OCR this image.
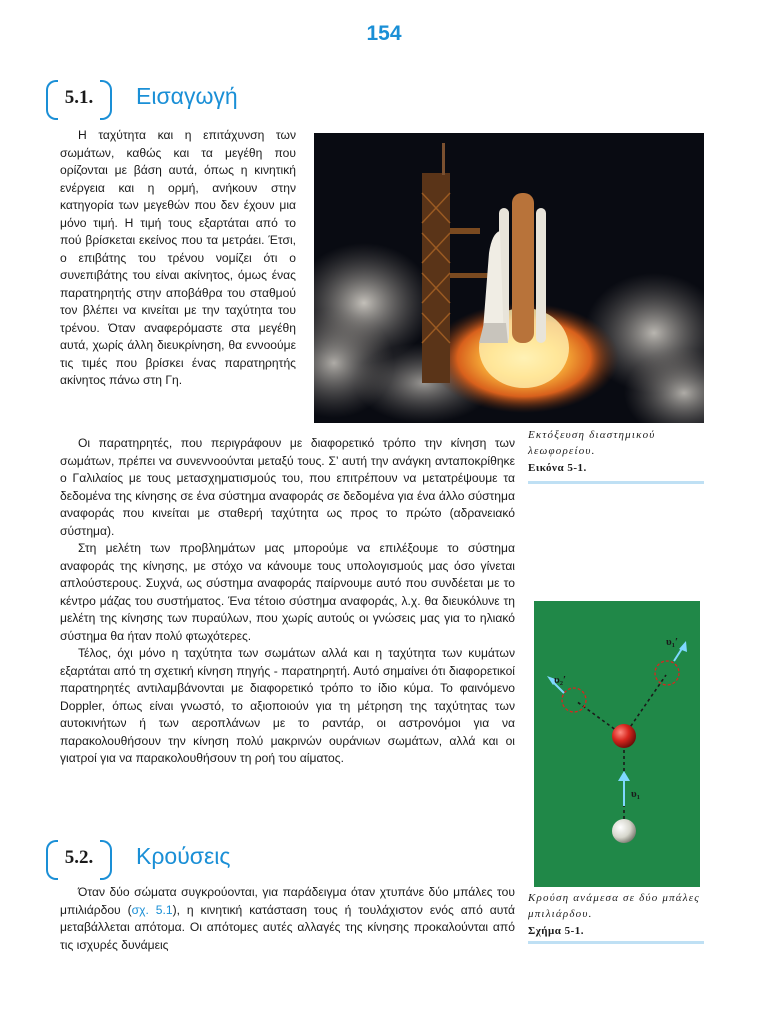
154
5.1.	Εισαγωγή

Η ταχύτητα και η επιτάχυνση των σωμάτων, καθώς και τα μεγέθη που ορίζονται με βάση αυτά, όπως η κινητική ενέργεια και η ορμή, ανήκουν στην κατηγορία των μεγεθών που δεν έχουν μια μόνο τιμή. Η τιμή τους εξαρτάται από το πού βρίσκεται εκείνος που τα μετράει. Έτσι, ο επιβάτης του τρένου νομίζει ότι ο συνεπιβάτης του είναι ακίνητος, όμως ένας παρατηρητής στην αποβάθρα του σταθμού τον βλέπει να κινείται με την ταχύτητα του τρένου. Όταν αναφερόμαστε στα μεγέθη αυτά, χωρίς άλλη διευκρίνηση, θα εννοούμε τις τιμές που βρίσκει ένας παρατηρητής ακίνητος πάνω στη Γη.

Οι παρατηρητές, που περιγράφουν με διαφορετικό τρόπο την κίνηση των σωμάτων, πρέπει να συνεννοούνται μεταξύ τους. Σ’ αυτή την ανάγκη ανταποκρίθηκε ο Γαλιλαίος με τους μετασχηματισμούς του, που επιτρέπουν να μετατρέψουμε τα δεδομένα της κίνησης σε ένα σύστημα αναφοράς σε δεδομένα για ένα άλλο σύστημα αναφοράς που κινείται με σταθερή ταχύτητα ως προς το πρώτο (αδρανειακό σύστημα).

Στη μελέτη των προβλημάτων μας μπορούμε να επιλέξουμε το σύστημα αναφοράς της κίνησης, με στόχο να κάνουμε τους υπολογισμούς μας όσο γίνεται απλούστερους. Συχνά, ως σύστημα αναφοράς παίρνουμε αυτό που συνδέεται με το κέντρο μάζας του συστήματος. Ένα τέτοιο σύστημα αναφοράς, λ.χ. θα διευκόλυνε τη μελέτη της κίνησης των πυραύλων, που χωρίς αυτούς οι γνώσεις μας για το ηλιακό σύστημα θα ήταν πολύ φτωχότερες.

Τέλος, όχι μόνο η ταχύτητα των σωμάτων αλλά και η ταχύτητα των κυμάτων εξαρτάται από τη σχετική κίνηση πηγής - παρατηρητή. Αυτό σημαίνει ότι διαφορετικοί παρατηρητές αντιλαμβάνονται με διαφορετικό τρόπο το ίδιο κύμα. Το φαινόμενο Doppler, όπως είναι γνωστό, το αξιοποιούν για τη μέτρηση της ταχύτητας των αυτοκινήτων ή των αεροπλάνων με το ραντάρ, οι αστρονόμοι για να παρακολουθήσουν την κίνηση πολύ μακρινών ουράνιων σωμάτων, αλλά και οι γιατροί για να παρακολουθήσουν τη ροή του αίματος.

Εκτόξευση διαστημικού λεωφορείου.
Εικόνα 5-1.
υ₁
υ₂′
υ₁′
Κρούση ανάμεσα σε δύο μπάλες μπιλιάρδου.
Σχήμα 5-1.
5.2.	Κρούσεις

Όταν δύο σώματα συγκρούονται, για παράδειγμα όταν χτυπάνε δύο μπάλες του μπιλιάρδου (σχ. 5.1), η κινητική κατάσταση τους ή τουλάχιστον ενός από αυτά μεταβάλλεται απότομα. Οι απότομες αυτές αλλαγές της κίνησης προκαλούνται από τις ισχυρές δυνάμεις
